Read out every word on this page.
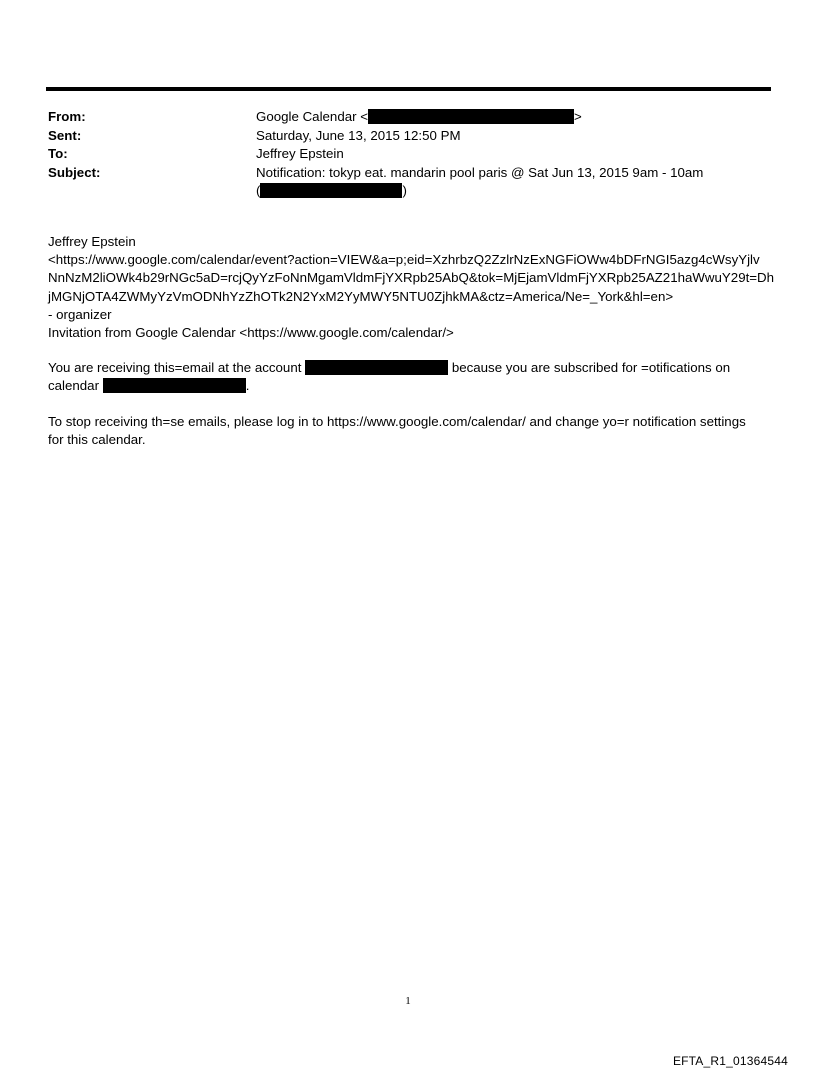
From:	Google Calendar <	>
Sent:	Saturday, June 13, 2015 12:50 PM
To:	Jeffrey Epstein
Subject:	Notification: tokyp eat. mandarin pool paris @ Sat Jun 13, 2015 9am - 10am
(	)
Jeffrey Epstein
<https://www.google.com/calendar/event?action=VIEW&a=p;eid=XzhrbzQ2ZzlrNzExNGFiOWw4bDFrNGI5azg4cWsyYjlv
NnNzM2liOWk4b29rNGc5aD=rcjQyYzFoNnMgamVldmFjYXRpb25AbQ&tok=MjEjamVldmFjYXRpb25AZ21haWwuY29t=Dh
jMGNjOTA4ZWMyYzVmODNhYzZhOTk2N2YxM2YyMWY5NTU0ZjhkMA&ctz=America/Ne=_York&hl=en>
- organizer
Invitation from Google Calendar <https://www.google.com/calendar/>
You are receiving this=email at the account	because you are subscribed for =otifications on
calendar	.
To stop receiving th=se emails, please log in to https://www.google.com/calendar/ and change yo=r notification settings
for this calendar.
1
EFTA_R1_01364544
